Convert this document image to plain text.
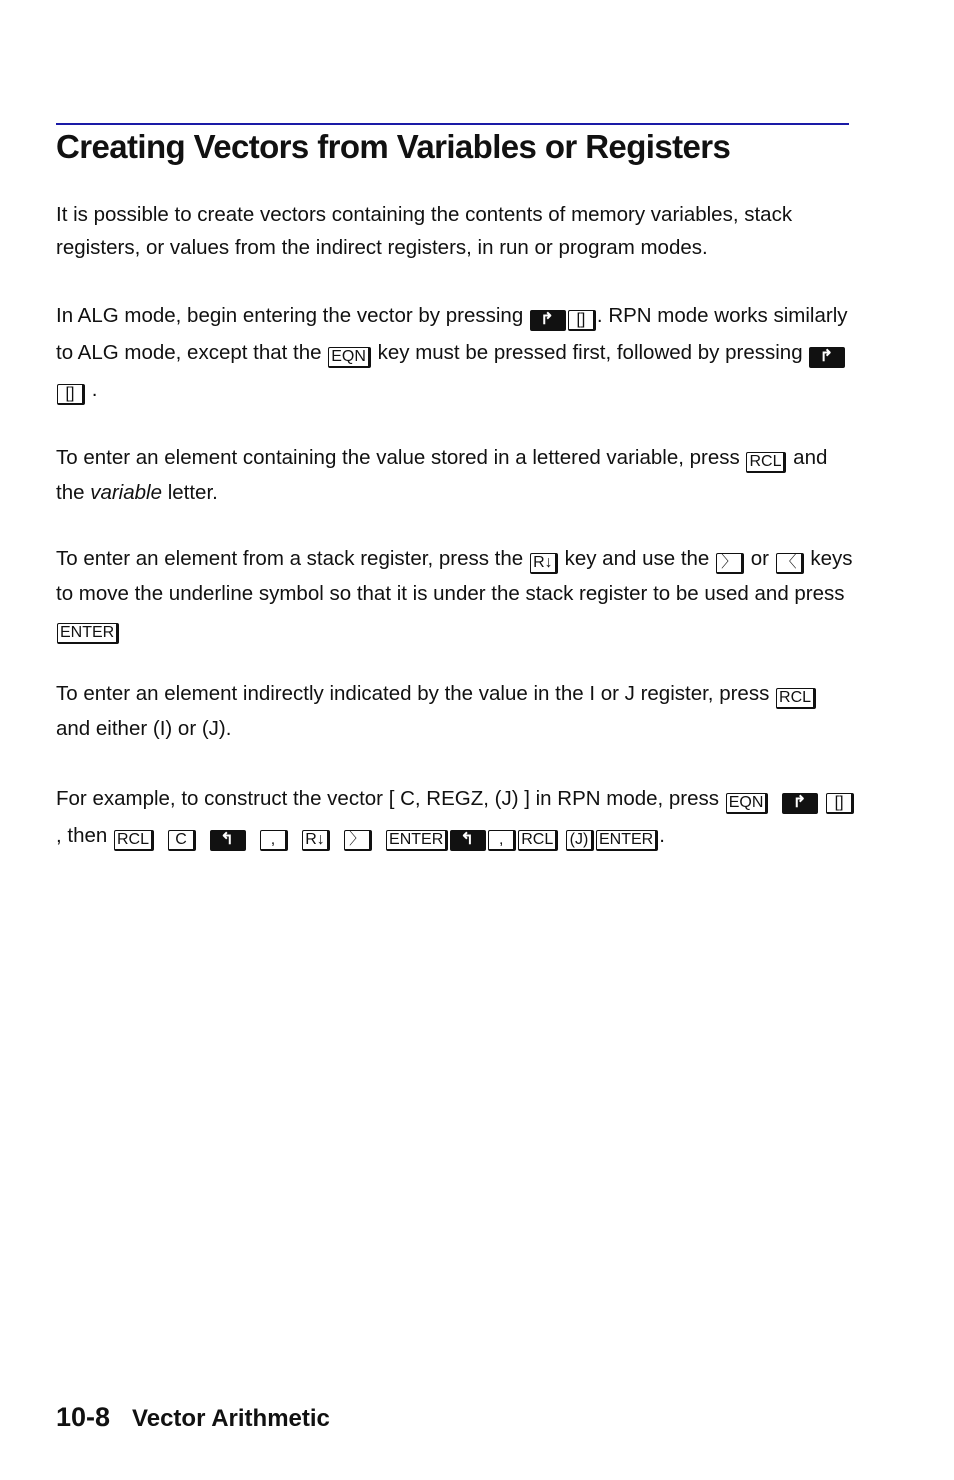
Creating Vectors from Variables or Registers

It is possible to create vectors containing the contents of memory variables, stack registers, or values from the indirect registers, in run or program modes.

In ALG mode, begin entering the vector by pressing ↱ [] . RPN mode works similarly to ALG mode, except that the EQN key must be pressed first, followed by pressing ↱[] .

To enter an element containing the value stored in a lettered variable, press RCL and the variable letter.

To enter an element from a stack register, press the R↓ key and use the 〉 or 〈 keys to move the underline symbol so that it is under the stack register to be used and press ENTER

To enter an element indirectly indicated by the value in the I or J register, press RCL and either (I) or (J).

For example, to construct the vector [ C, REGZ, (J) ] in RPN mode, press EQN ↱ [], then RCL C ↰ , R↓ 〉 ENTER ↰ , RCL (J) ENTER .

10-8 Vector Arithmetic
